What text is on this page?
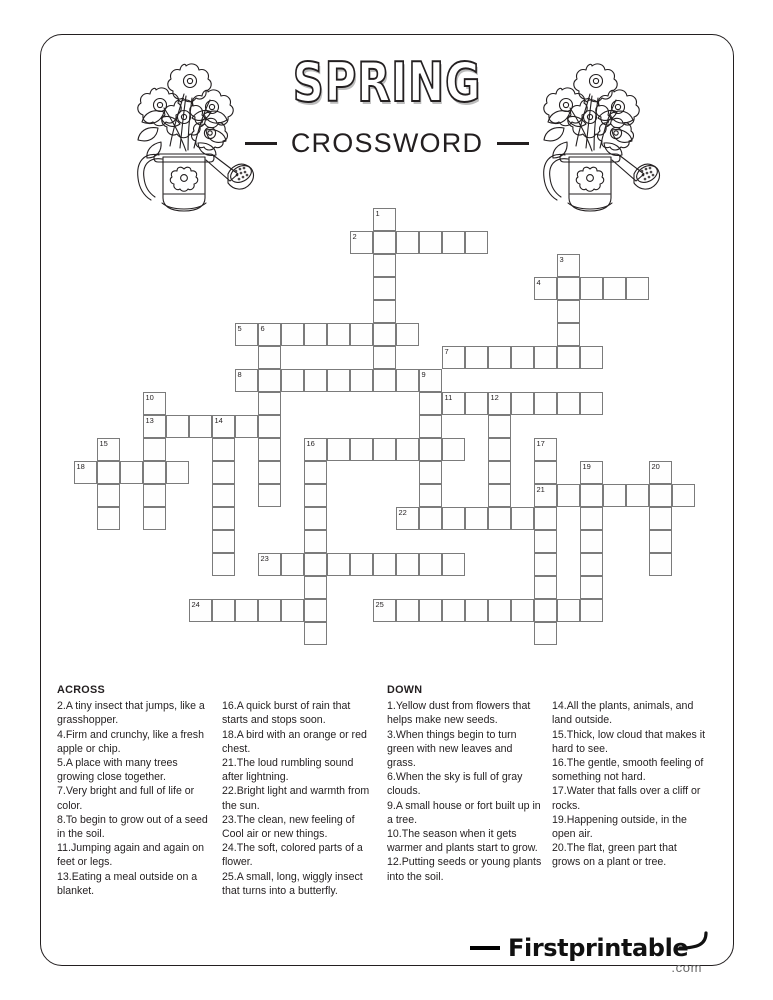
SPRING
CROSSWORD
1
2
3
4
5	6
7
8	9
10	11	12
13	14
15	16	17
18	19	20
21
22
23
24	25
ACROSS
2.A tiny insect that jumps, like a grasshopper.
4.Firm and crunchy, like a fresh apple or chip.
5.A place with many trees growing close together.
7.Very bright and full of life or color.
8.To begin to grow out of a seed in the soil.
11.Jumping again and again on feet or legs.
13.Eating a meal outside on a blanket.
16.A quick burst of rain that starts and stops soon.
18.A bird with an orange or red chest.
21.The loud rumbling sound after lightning.
22.Bright light and warmth from the sun.
23.The clean, new feeling of Cool air or new things.
24.The soft, colored parts of a flower.
25.A small, long, wiggly insect that turns into a butterfly.
DOWN
1.Yellow dust from flowers that helps make new seeds.
3.When things begin to turn green with new leaves and grass.
6.When the sky is full of gray clouds.
9.A small house or fort built up in a tree.
10.The season when it gets warmer and plants start to grow.
12.Putting seeds or young plants into the soil.
14.All the plants, animals, and land outside.
15.Thick, low cloud that makes it hard to see.
16.The gentle, smooth feeling of something not hard.
17.Water that falls over a cliff or rocks.
19.Happening outside, in the open air.
20.The flat, green part that grows on a plant or tree.
Firstprintable
.com
